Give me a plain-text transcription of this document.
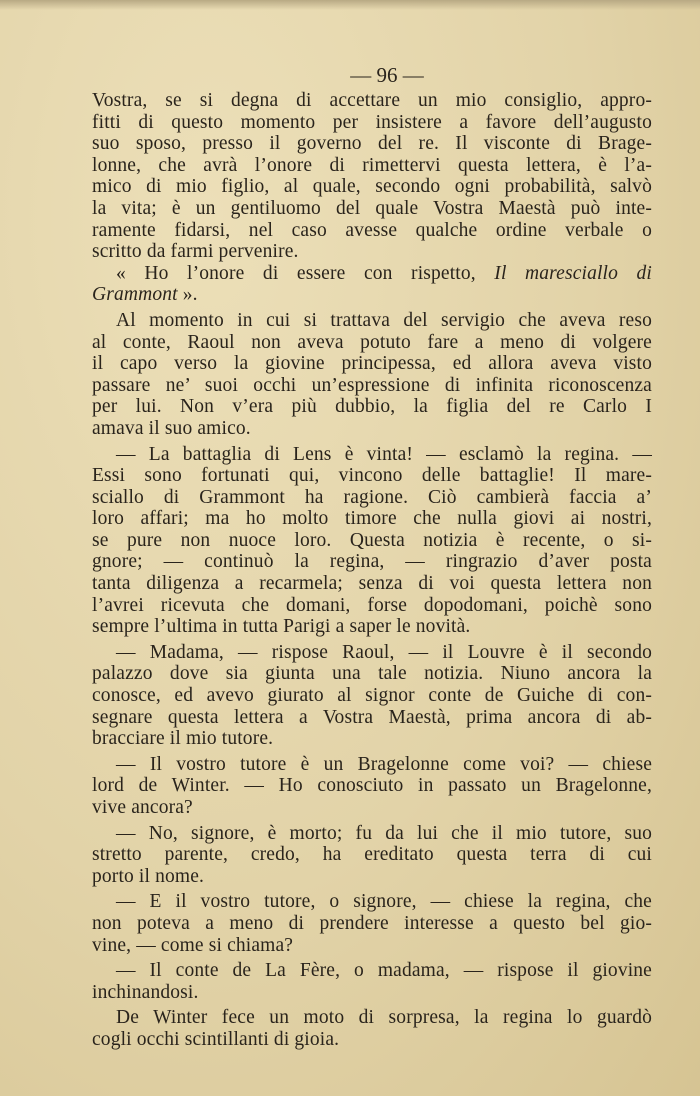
— 96 —
Vostra, se si degna di accettare un mio consiglio, appro-
fitti di questo momento per insistere a favore dell’augusto
suo sposo, presso il governo del re. Il visconte di Brage-
lonne, che avrà l’onore di rimettervi questa lettera, è l’a-
mico di mio figlio, al quale, secondo ogni probabilità, salvò
la vita; è un gentiluomo del quale Vostra Maestà può inte-
ramente fidarsi, nel caso avesse qualche ordine verbale o
scritto da farmi pervenire.
« Ho l’onore di essere con rispetto, Il maresciallo di
Grammont ».
Al momento in cui si trattava del servigio che aveva reso
al conte, Raoul non aveva potuto fare a meno di volgere
il capo verso la giovine principessa, ed allora aveva visto
passare ne’ suoi occhi un’espressione di infinita riconoscenza
per lui. Non v’era più dubbio, la figlia del re Carlo I
amava il suo amico.
— La battaglia di Lens è vinta! — esclamò la regina. —
Essi sono fortunati qui, vincono delle battaglie! Il mare-
sciallo di Grammont ha ragione. Ciò cambierà faccia a’
loro affari; ma ho molto timore che nulla giovi ai nostri,
se pure non nuoce loro. Questa notizia è recente, o si-
gnore; — continuò la regina, — ringrazio d’aver posta
tanta diligenza a recarmela; senza di voi questa lettera non
l’avrei ricevuta che domani, forse dopodomani, poichè sono
sempre l’ultima in tutta Parigi a saper le novità.
— Madama, — rispose Raoul, — il Louvre è il secondo
palazzo dove sia giunta una tale notizia. Niuno ancora la
conosce, ed avevo giurato al signor conte de Guiche di con-
segnare questa lettera a Vostra Maestà, prima ancora di ab-
bracciare il mio tutore.
— Il vostro tutore è un Bragelonne come voi? — chiese
lord de Winter. — Ho conosciuto in passato un Bragelonne,
vive ancora?
— No, signore, è morto; fu da lui che il mio tutore, suo
stretto parente, credo, ha ereditato questa terra di cui
porto il nome.
— E il vostro tutore, o signore, — chiese la regina, che
non poteva a meno di prendere interesse a questo bel gio-
vine, — come si chiama?
— Il conte de La Fère, o madama, — rispose il giovine
inchinandosi.
De Winter fece un moto di sorpresa, la regina lo guardò
cogli occhi scintillanti di gioia.
